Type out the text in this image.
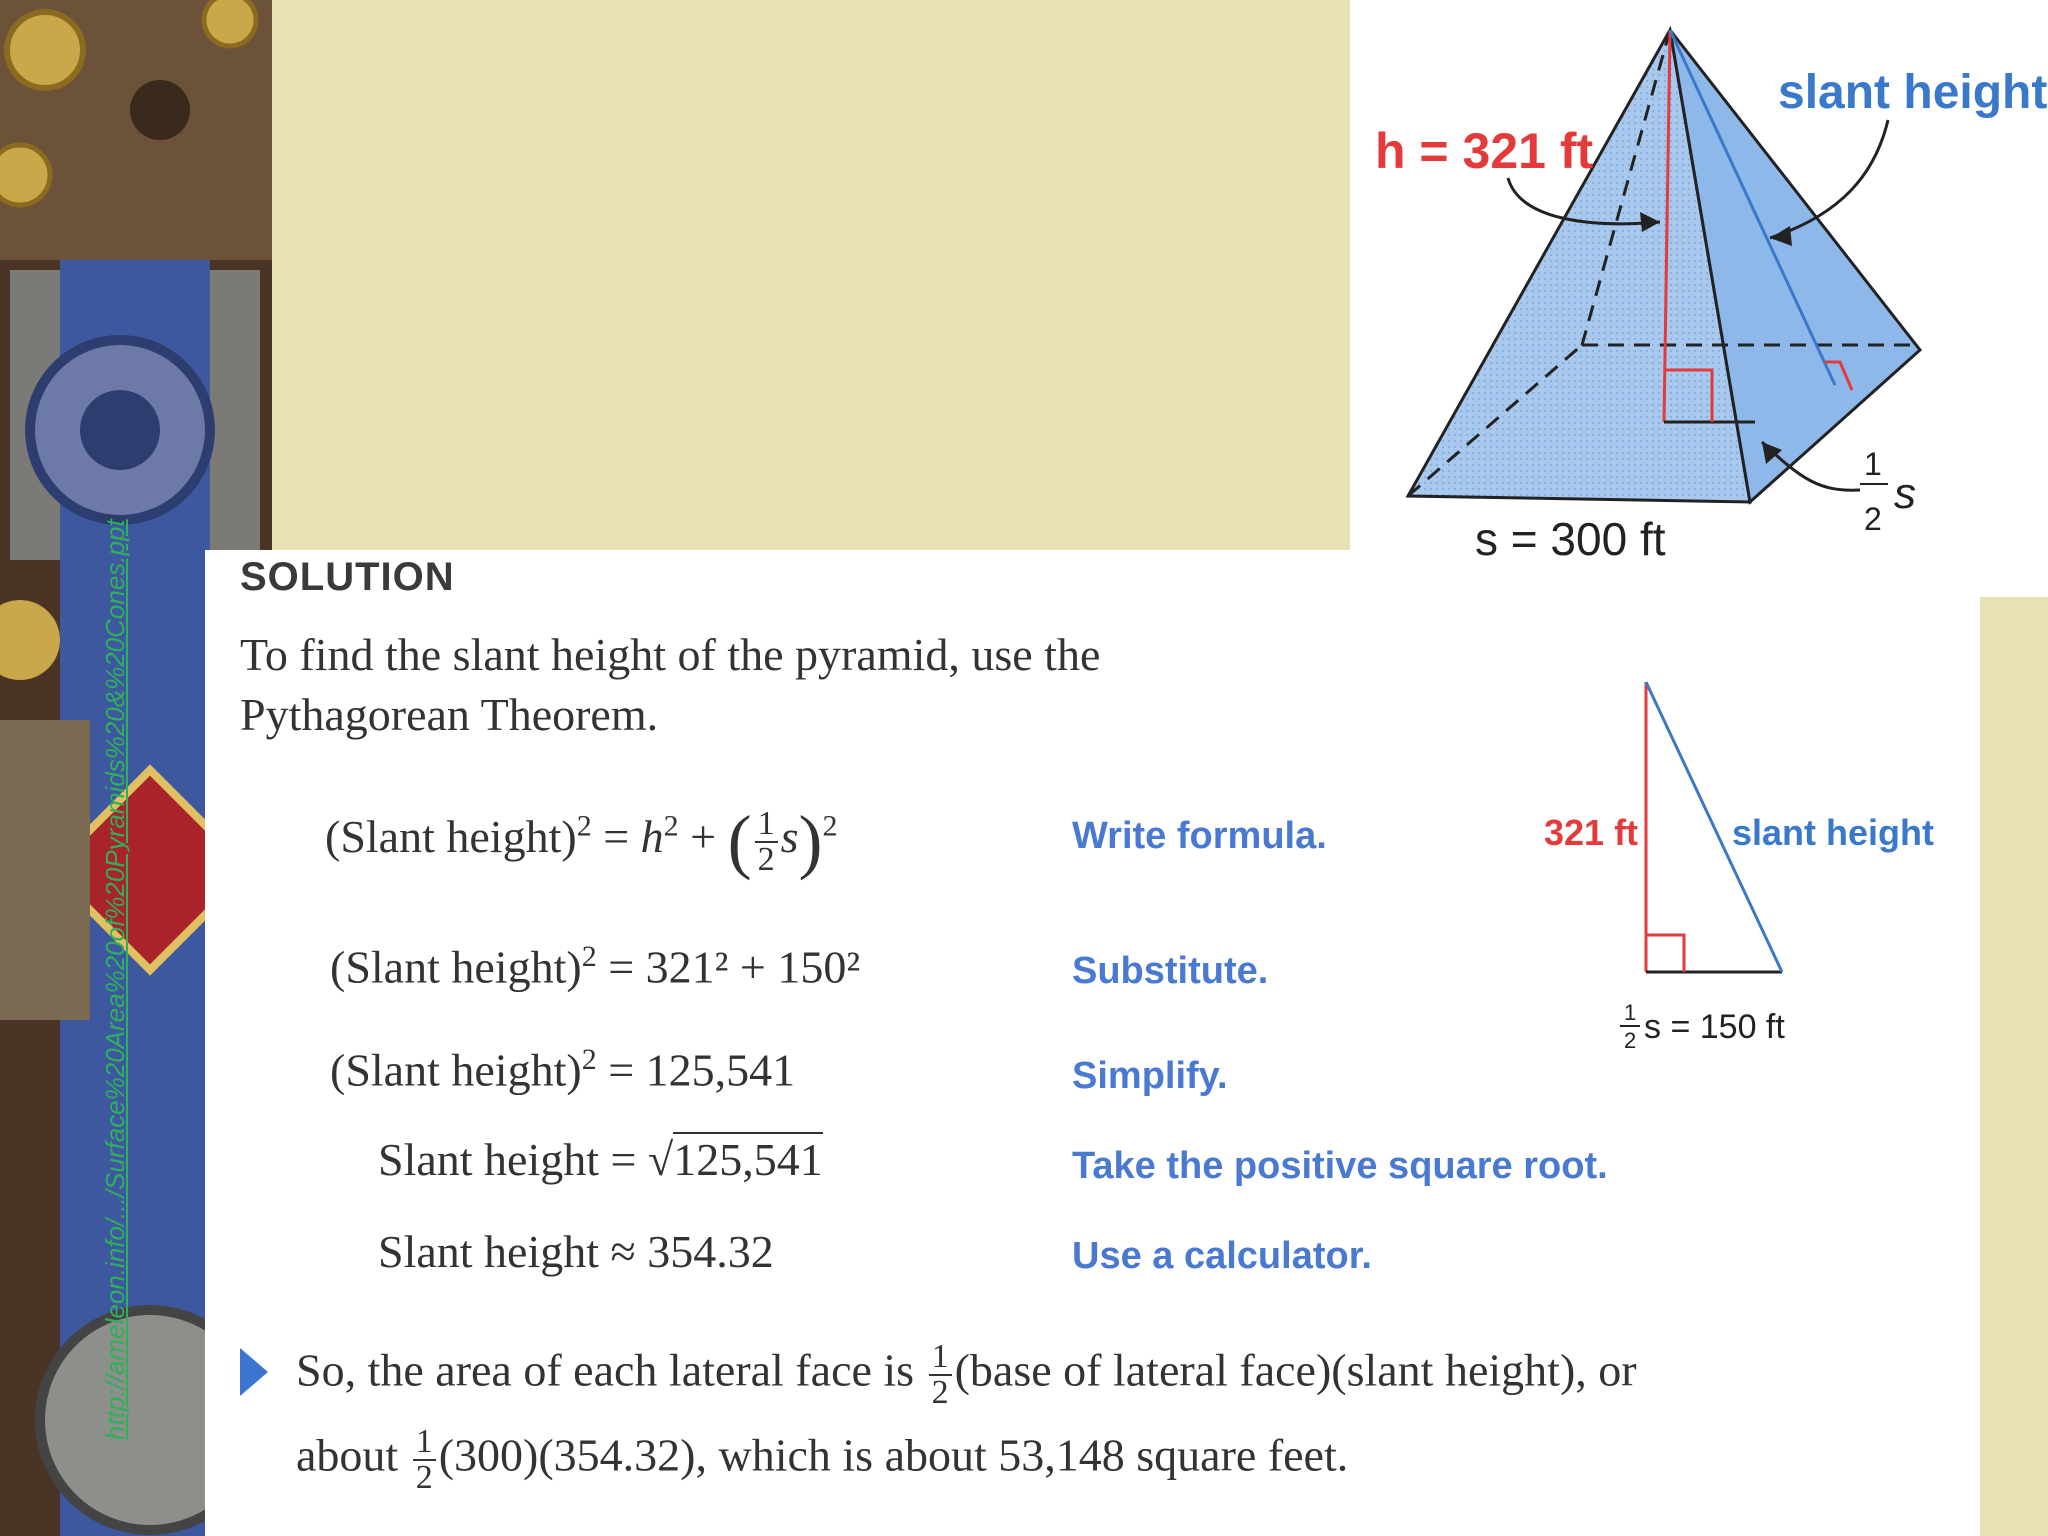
http://ameleon.info/.../Surface%20Area%20of%20Pyramids%20&%20Cones.ppt
h = 321 ft
slant height
s = 300 ft
1
2
s
SOLUTION
To find the slant height of the pyramid, use the Pythagorean Theorem.
(Slant height)$^2$ = $h^2$ + ( $\frac{1}{2} s)^2$	Write formula.
(Slant height)$^2$ = 321² + 150²	Substitute.
(Slant height)$^2$ = 125,541	Simplify.
Slant height = √125,541	Take the positive square root.
Slant height ≈ 354.32	Use a calculator.
So, the area of each lateral face is $\frac{1}{2}$ (base of lateral face)(slant height), or
about $\frac{1}{2} (300)(354.32)$, which is about 53,148 square feet.
321 ft	slant height
1
2 s = 150 ft
